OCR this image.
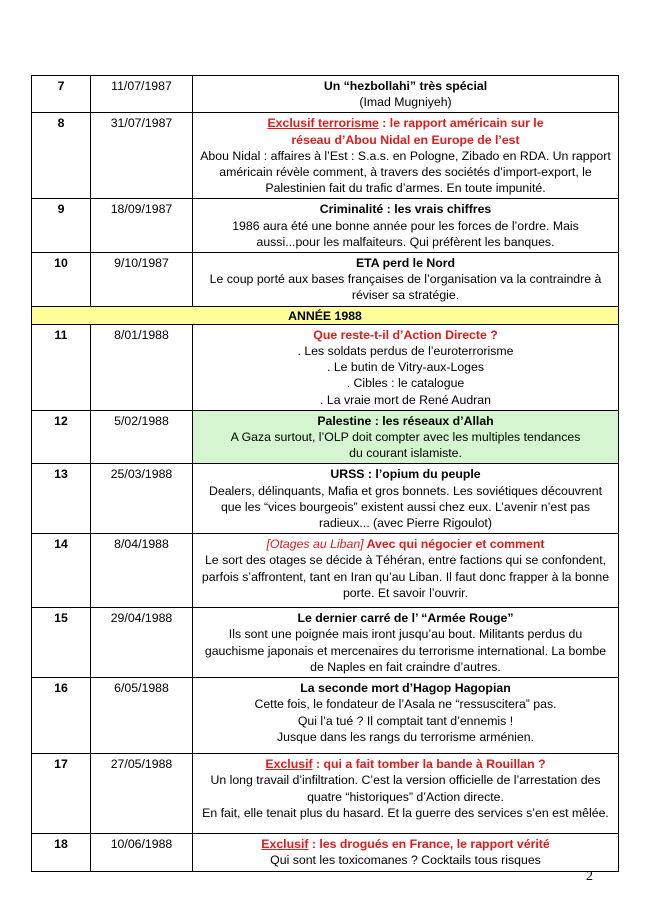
7	11/07/1987	Un “hezbollahi” très spécial
(Imad Mugniyeh)

8	31/07/1987	Exclusif terrorisme : le rapport américain sur le
réseau d’Abou Nidal en Europe de l’est
Abou Nidal : affaires à l’Est : S.a.s. en Pologne, Zibado en RDA. Un rapport américain révèle comment, à travers des sociétés d’import-export, le Palestinien fait du trafic d’armes. En toute impunité.

9	18/09/1987	Criminalité : les vrais chiffres
1986 aura été une bonne année pour les forces de l’ordre. Mais aussi...pour les malfaiteurs. Qui préfèrent les banques.

10	9/10/1987	ETA perd le Nord
Le coup porté aux bases françaises de l’organisation va la contraindre à réviser sa stratégie.

ANNÉE 1988		
11	8/01/1988	Que reste-t-il d’Action Directe ?
. Les soldats perdus de l’euroterrorisme
. Le butin de Vitry-aux-Loges
. Cibles : le catalogue
. La vraie mort de René Audran

12	5/02/1988	Palestine : les réseaux d’Allah
A Gaza surtout, l’OLP doit compter avec les multiples tendances du courant islamiste.

13	25/03/1988	URSS : l’opium du peuple
Dealers, délinquants, Mafia et gros bonnets. Les soviétiques découvrent que les “vices bourgeois” existent aussi chez eux. L’avenir n’est pas radieux... (avec Pierre Rigoulot)

14	8/04/1988	[Otages au Liban] Avec qui négocier et comment
Le sort des otages se décide à Téhéran, entre factions qui se confondent, parfois s’affrontent, tant en Iran qu’au Liban. Il faut donc frapper à la bonne porte. Et savoir l’ouvrir.

15	29/04/1988	Le dernier carré de l’ “Armée Rouge”
Ils sont une poignée mais iront jusqu’au bout. Militants perdus du gauchisme japonais et mercenaires du terrorisme international. La bombe de Naples en fait craindre d’autres.

16	6/05/1988	La seconde mort d’Hagop Hagopian
Cette fois, le fondateur de l’Asala ne “ressuscitera” pas.
Qui l’a tué ? Il comptait tant d’ennemis !
Jusque dans les rangs du terrorisme arménien.

17	27/05/1988	Exclusif : qui a fait tomber la bande à Rouillan ?
Un long travail d’infiltration. C’est la version officielle de l’arrestation des quatre “historiques” d’Action directe.
En fait, elle tenait plus du hasard. Et la guerre des services s’en est mêlée.

18	10/06/1988	Exclusif : les drogués en France, le rapport vérité
Qui sont les toxicomanes ? Cocktails tous risques
2
